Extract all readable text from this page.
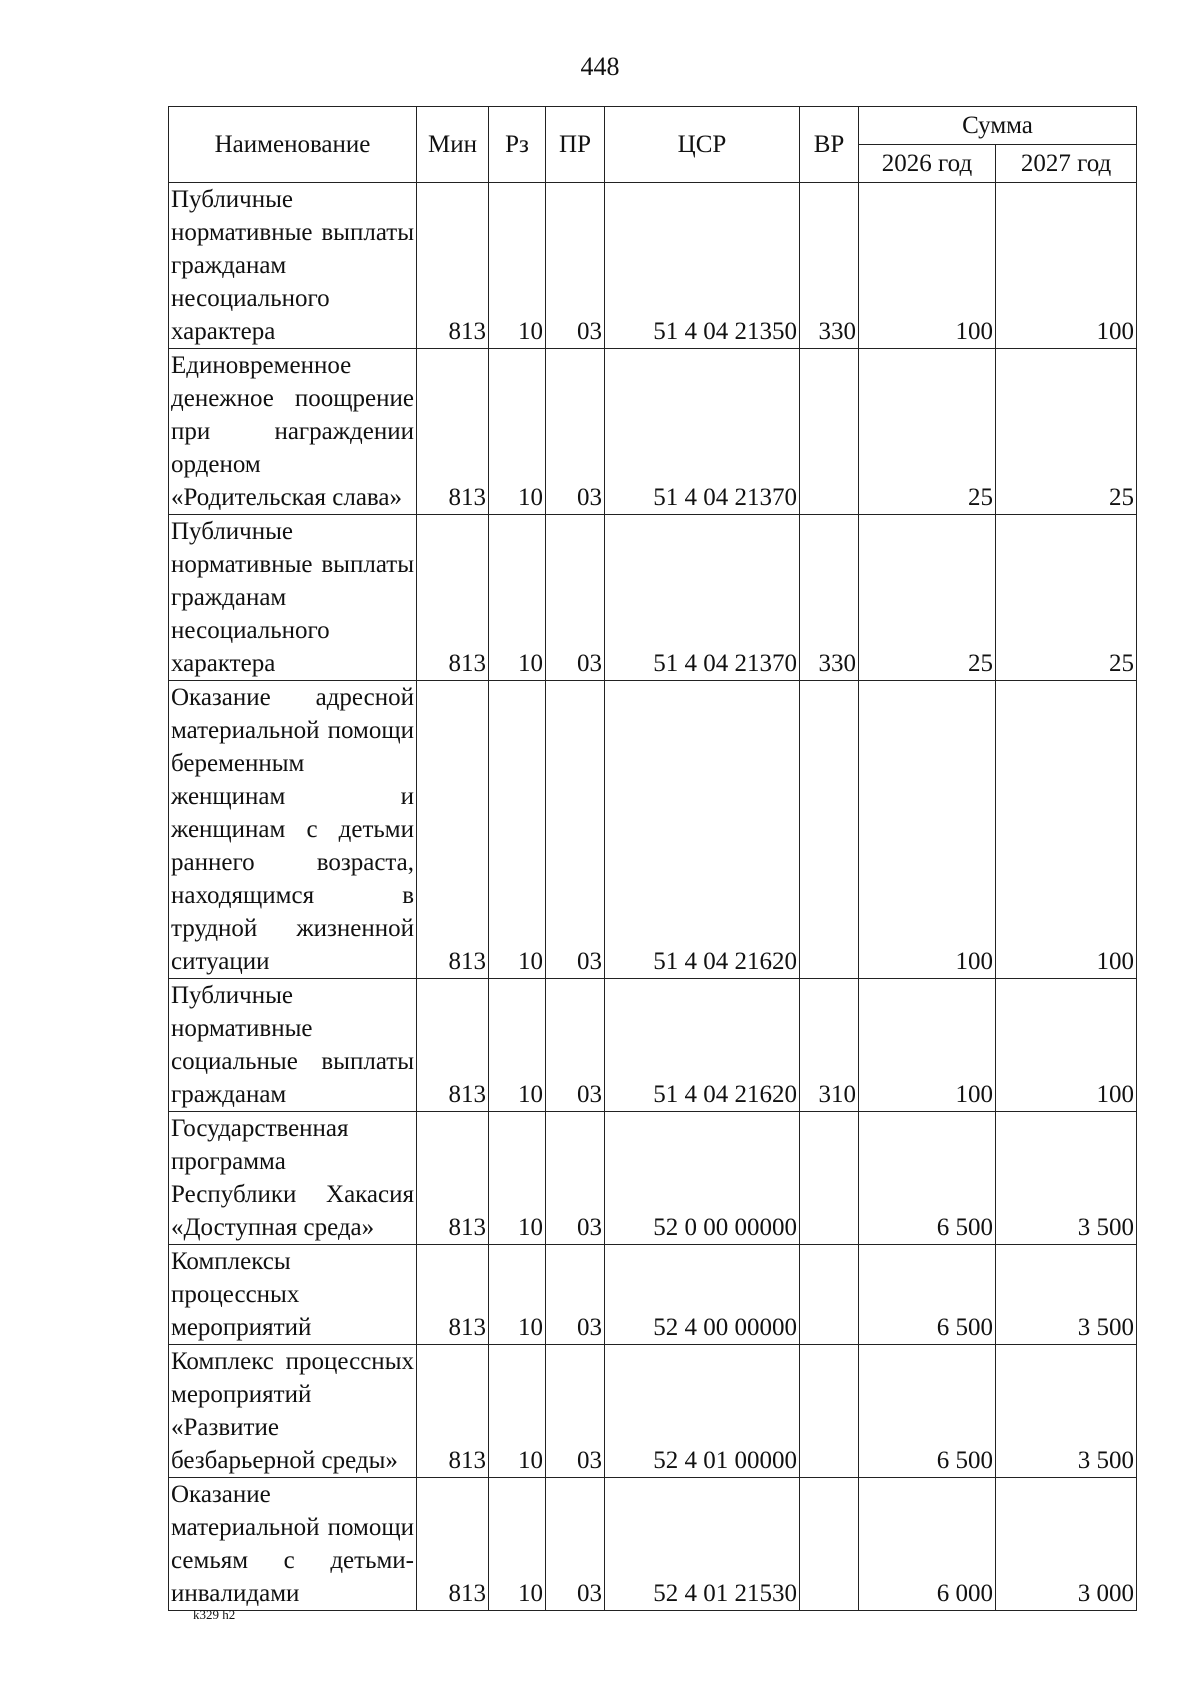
448
Наименование	Мин	Рз	ПР	ЦСР	ВР	Сумма	
						2026 год	2027 год
Публичные нормативные выплаты гражданам несоциального характера	813	10	03	51 4 04 21350	330	100	100
Единовременное денежное поощрение при награждении орденом «Родительская слава»	813	10	03	51 4 04 21370		25	25
Публичные нормативные выплаты гражданам несоциального характера	813	10	03	51 4 04 21370	330	25	25
Оказание адресной материальной помощи беременным женщинам и женщинам с детьми раннего возраста, находящимся в трудной жизненной ситуации	813	10	03	51 4 04 21620		100	100
Публичные нормативные социальные выплаты гражданам	813	10	03	51 4 04 21620	310	100	100
Государственная программа Республики Хакасия «Доступная среда»	813	10	03	52 0 00 00000		6 500	3 500
Комплексы процессных мероприятий	813	10	03	52 4 00 00000		6 500	3 500
Комплекс процессных мероприятий «Развитие безбарьерной среды»	813	10	03	52 4 01 00000		6 500	3 500
Оказание материальной помощи семьям с детьми-инвалидами	813	10	03	52 4 01 21530		6 000	3 000
k329 h2
